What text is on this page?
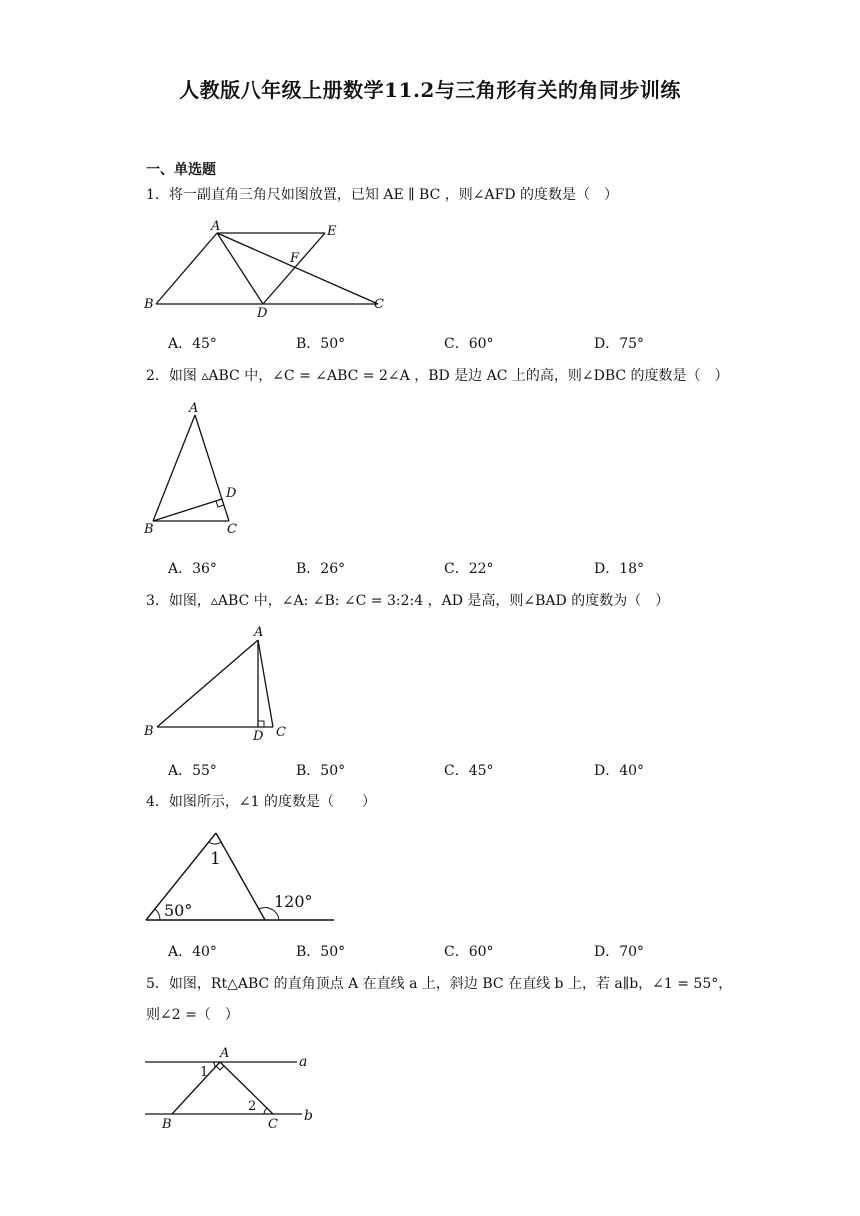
人教版八年级上册数学11.2与三角形有关的角同步训练
一、单选题
1．将一副直角三角尺如图放置，已知 AE ∥ BC ，则∠AFD 的度数是（　）
A	E
F
B
D
C
A．45°	B．50°	C．60°	D．75°
2．如图 ▵ABC 中，∠C = ∠ABC = 2∠A ，BD 是边 AC 上的高，则∠DBC 的度数是（　）
A
D
B	C
A．36°	B．26°	C．22°	D．18°
3．如图，▵ABC 中，∠A: ∠B: ∠C = 3:2:4 ，AD 是高，则∠BAD 的度数为（　）
A
B	D C
A．55°	B．50°	C．45°	D．40°
4．如图所示，∠1 的度数是（　　）
1
120°
50°
A．40°	B．50°	C．60°	D．70°
5．如图，Rt△ABC 的直角顶点 A 在直线 a 上，斜边 BC 在直线 b 上，若 a∥b，∠1 = 55°，
则∠2 =（　）
A
a
1
2
b
B	C
